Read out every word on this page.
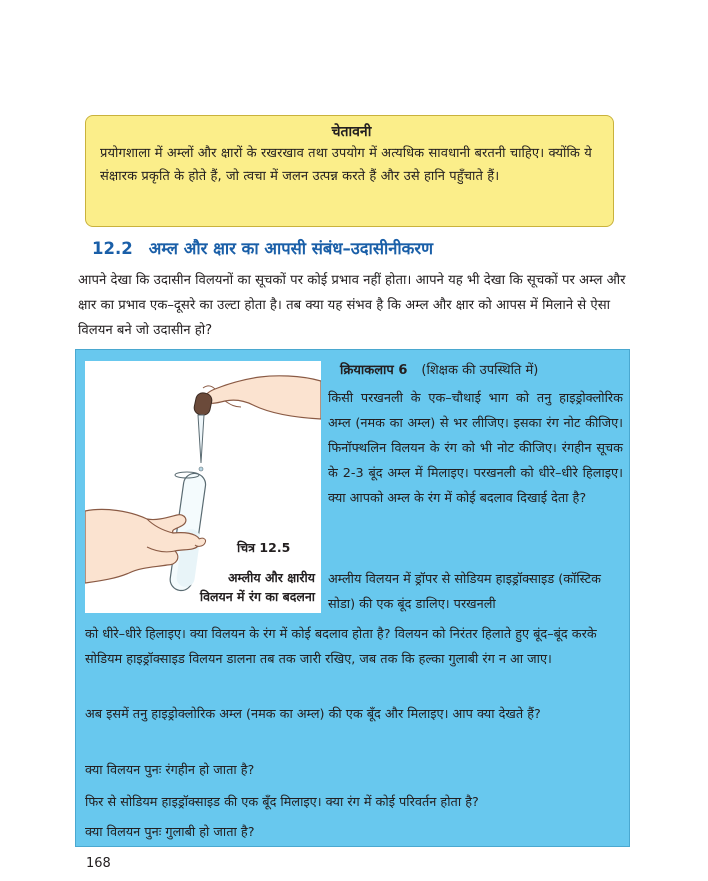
चेतावनी
प्रयोगशाला में अम्लों और क्षारों के रखरखाव तथा उपयोग में अत्यधिक सावधानी बरतनी चाहिए। क्योंकि ये संक्षारक प्रकृति के होते हैं, जो त्वचा में जलन उत्पन्न करते हैं और उसे हानि पहुँचाते हैं।
12.2 अम्ल और क्षार का आपसी संबंध–उदासीनीकरण
आपने देखा कि उदासीन विलयनों का सूचकों पर कोई प्रभाव नहीं होता। आपने यह भी देखा कि सूचकों पर अम्ल और क्षार का प्रभाव एक–दूसरे का उल्टा होता है। तब क्या यह संभव है कि अम्ल और क्षार को आपस में मिलाने से ऐसा विलयन बने जो उदासीन हो?
चित्र 12.5
अम्लीय और क्षारीय
विलयन में रंग का बदलना
क्रियाकलाप 6 (शिक्षक की उपस्थिति में)
किसी परखनली के एक–चौथाई भाग को तनु हाइड्रोक्लोरिक अम्ल (नमक का अम्ल) से भर लीजिए। इसका रंग नोट कीजिए। फिनॉफ्थलिन विलयन के रंग को भी नोट कीजिए। रंगहीन सूचक के 2-3 बूंद अम्ल में मिलाइए। परखनली को धीरे–धीरे हिलाइए। क्या आपको अम्ल के रंग में कोई बदलाव दिखाई देता है?
अम्लीय विलयन में ड्रॉपर से सोडियम हाइड्रॉक्साइड (कॉस्टिक सोडा) की एक बूंद डालिए। परखनली
को धीरे–धीरे हिलाइए। क्या विलयन के रंग में कोई बदलाव होता है? विलयन को निरंतर हिलाते हुए बूंद–बूंद करके सोडियम हाइड्रॉक्साइड विलयन डालना तब तक जारी रखिए, जब तक कि हल्का गुलाबी रंग न आ जाए।
अब इसमें तनु हाइड्रोक्लोरिक अम्ल (नमक का अम्ल) की एक बूँद और मिलाइए। आप क्या देखते हैं?
क्या विलयन पुनः रंगहीन हो जाता है?
फिर से सोडियम हाइड्रॉक्साइड की एक बूँद मिलाइए। क्या रंग में कोई परिवर्तन होता है?
क्या विलयन पुनः गुलाबी हो जाता है?
168
